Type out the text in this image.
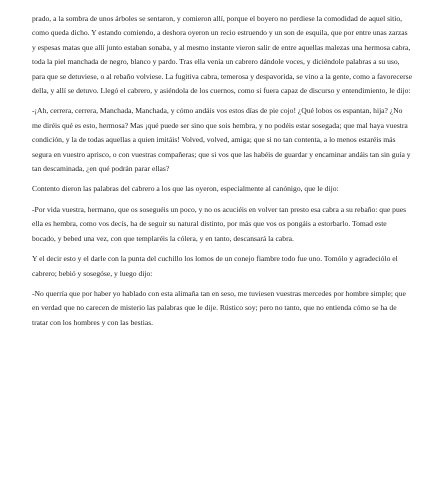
prado, a la sombra de unos árboles se sentaron, y comieron allí, porque el boyero no perdiese la comodidad de aquel sitio, como queda dicho. Y estando comiendo, a deshora oyeron un recio estruendo y un son de esquila, que por entre unas zarzas y espesas matas que allí junto estaban sonaba, y al mesmo instante vieron salir de entre aquellas malezas una hermosa cabra, toda la piel manchada de negro, blanco y pardo. Tras ella venía un cabrero dándole voces, y diciéndole palabras a su uso, para que se detuviese, o al rebaño volviese. La fugitiva cabra, temerosa y despavorida, se vino a la gente, como a favorecerse della, y allí se detuvo. Llegó el cabrero, y asiéndola de los cuernos, como si fuera capaz de discurso y entendimiento, le dijo:

-¡Ah, cerrera, cerrera, Manchada, Manchada, y cómo andáis vos estos días de pie cojo! ¿Qué lobos os espantan, hija? ¿No me diréis qué es esto, hermosa? Mas ¡qué puede ser sino que sois hembra, y no podéis estar sosegada; que mal haya vuestra condición, y la de todas aquellas a quien imitáis! Volved, volved, amiga; que si no tan contenta, a lo menos estaréis más segura en vuestro aprisco, o con vuestras compañeras; que si vos que las habéis de guardar y encaminar andáis tan sin guía y tan descaminada, ¿en qué podrán parar ellas?

Contento dieron las palabras del cabrero a los que las oyeron, especialmente al canónigo, que le dijo:

-Por vida vuestra, hermano, que os soseguéis un poco, y no os acuciéis en volver tan presto esa cabra a su rebaño: que pues ella es hembra, como vos decís, ha de seguir su natural distinto, por más que vos os pongáis a estorbarlo. Tomad este bocado, y bebed una vez, con que templaréis la cólera, y en tanto, descansará la cabra.

Y el decir esto y el darle con la punta del cuchillo los lomos de un conejo fiambre todo fue uno. Tomólo y agradeciólo el cabrero; bebió y sosegóse, y luego dijo:

-No querría que por haber yo hablado con esta alimaña tan en seso, me tuviesen vuestras mercedes por hombre simple; que en verdad que no carecen de misterio las palabras que le dije. Rústico soy; pero no tanto, que no entienda cómo se ha de tratar con los hombres y con las bestias.
